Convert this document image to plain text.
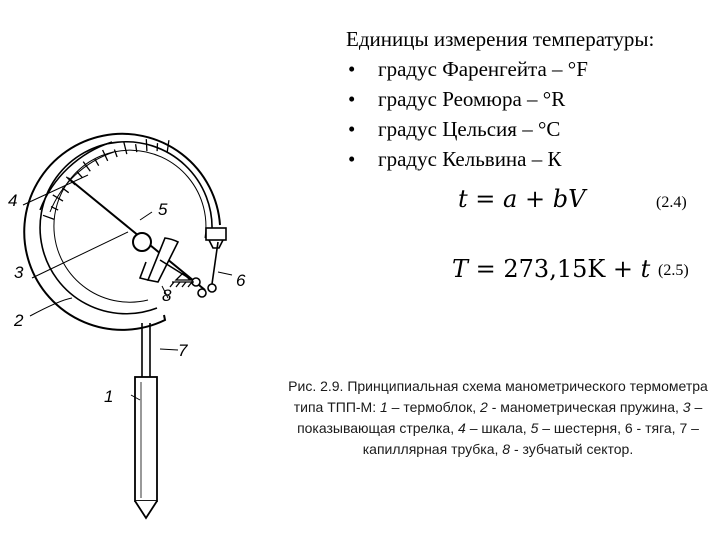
Единицы измерения температуры:

• градус Фаренгейта – °F
• градус Реомюра – °R
• градус Цельсия – °C
• градус Кельвина – К
t = a + bV	(2.4)
T = 273,15K + t (2.5)
1
2
3
4	5
6
7
8
Рис. 2.9. Принципиальная схема манометрического термометра типа ТПП-М: 1 – термоблок, 2 - манометрическая пружина, 3 – показывающая стрелка, 4 – шкала, 5 – шестерня, 6 - тяга, 7 – капиллярная трубка, 8 - зубчатый сектор.
